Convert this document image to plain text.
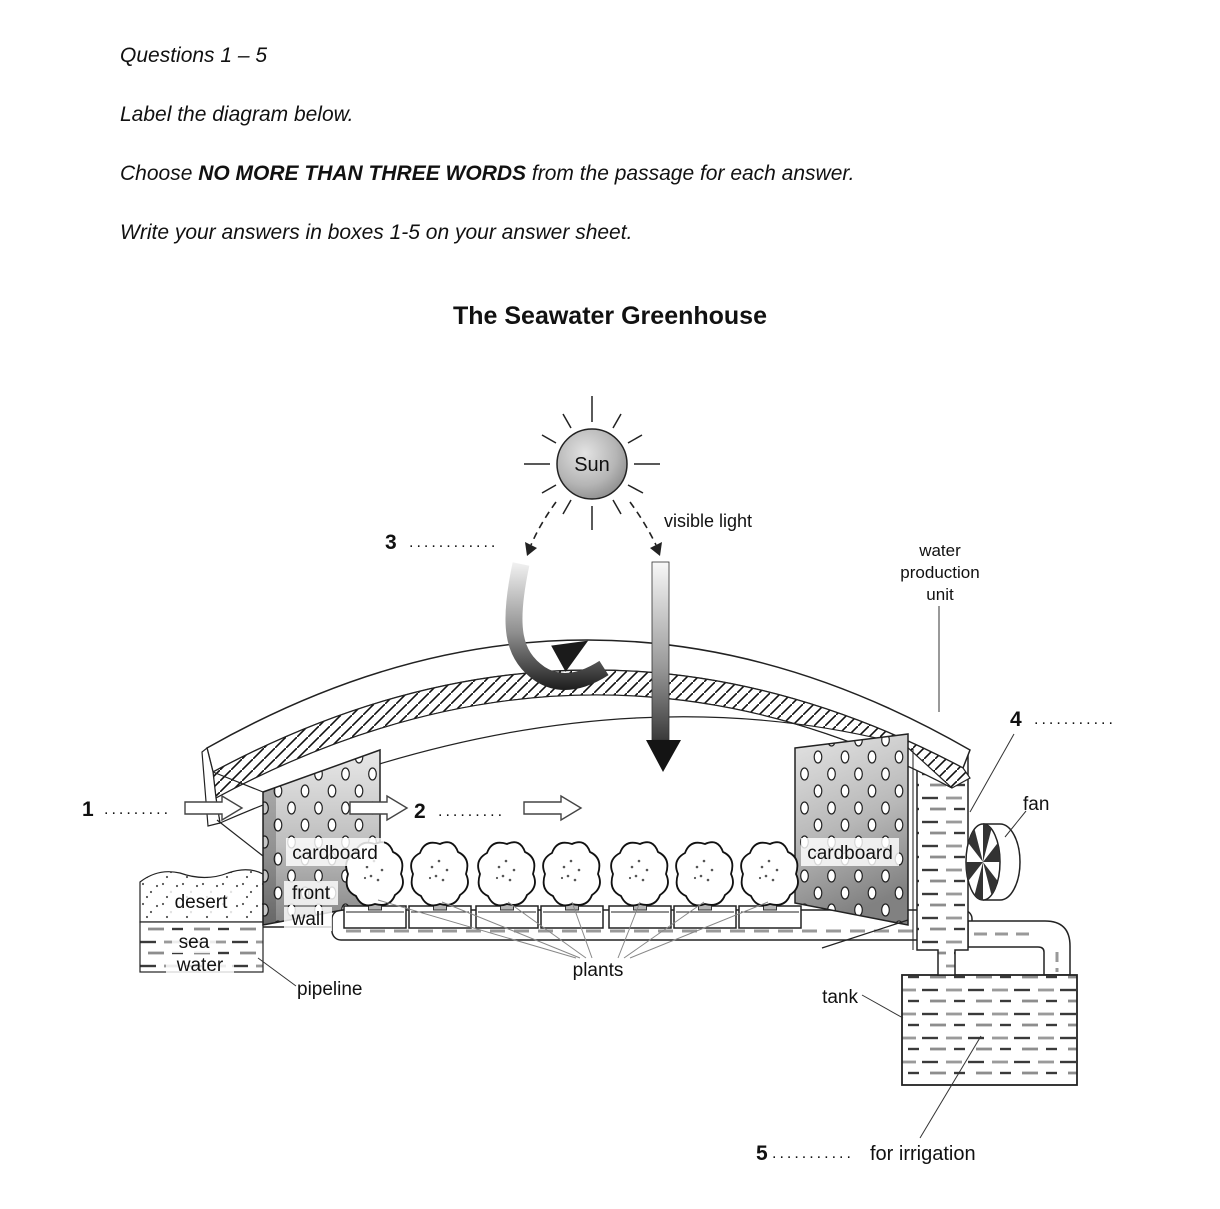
Questions 1 – 5
Label the diagram below.
Choose NO MORE THAN THREE WORDS from the passage for each answer.
Write your answers in boxes 1-5 on your answer sheet.
The Seawater Greenhouse
Sun
visible light
water
production
unit
fan
cardboard	cardboard
front
wall
desert
sea
water
pipeline
plants
tank
1 .........	2 .........
3 ............
4 ...........
5 ........... for irrigation
